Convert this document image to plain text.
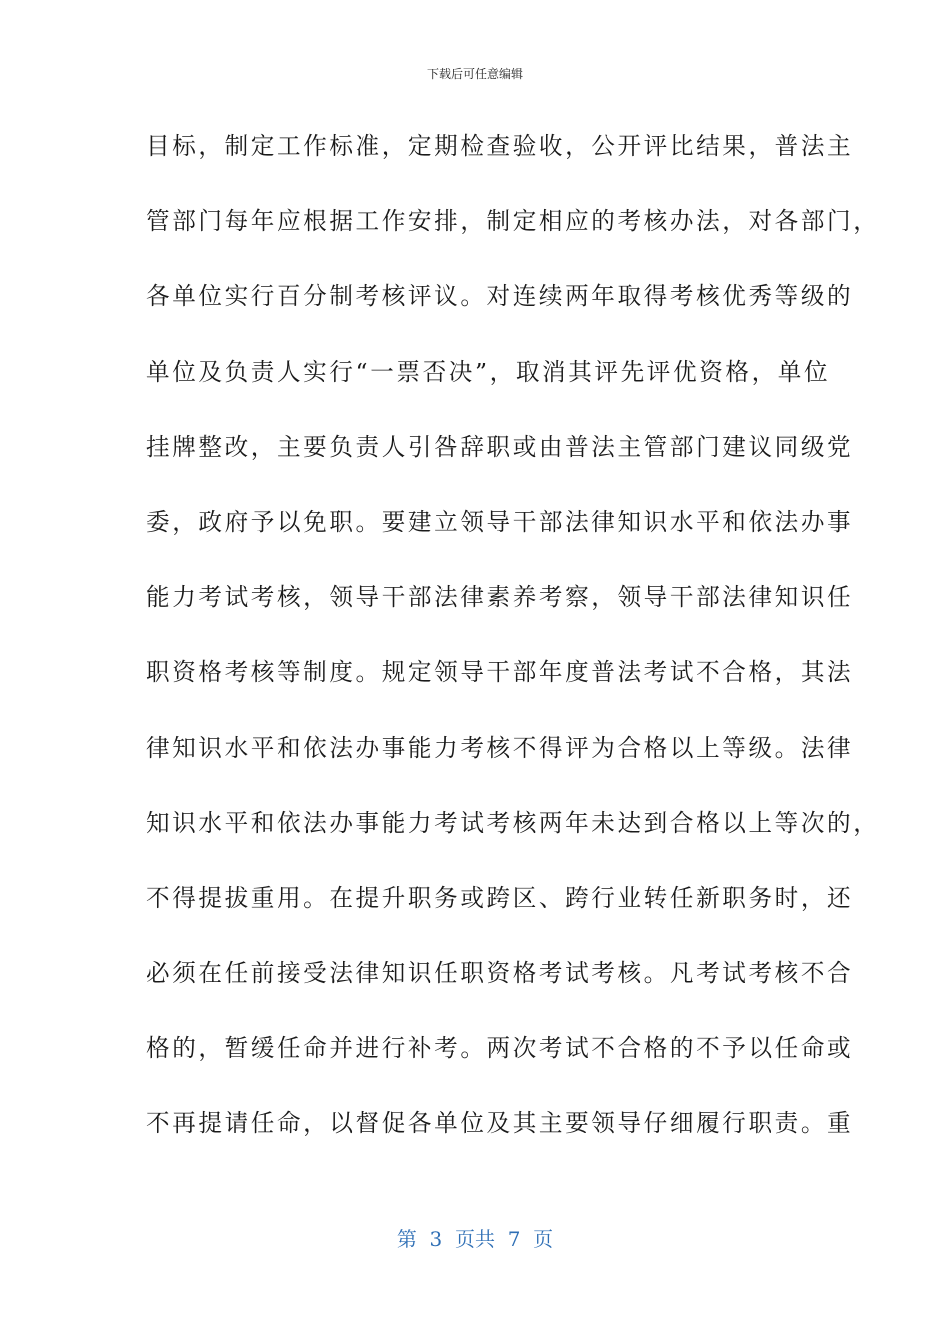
下载后可任意编辑
目标，制定工作标准，定期检查验收，公开评比结果，普法主
管部门每年应根据工作安排，制定相应的考核办法，对各部门，
各单位实行百分制考核评议。对连续两年取得考核优秀等级的
单位及负责人实行“一票否决”，取消其评先评优资格，单位
挂牌整改，主要负责人引咎辞职或由普法主管部门建议同级党
委，政府予以免职。要建立领导干部法律知识水平和依法办事
能力考试考核，领导干部法律素养考察，领导干部法律知识任
职资格考核等制度。规定领导干部年度普法考试不合格，其法
律知识水平和依法办事能力考核不得评为合格以上等级。法律
知识水平和依法办事能力考试考核两年未达到合格以上等次的，
不得提拔重用。在提升职务或跨区、跨行业转任新职务时，还
必须在任前接受法律知识任职资格考试考核。凡考试考核不合
格的，暂缓任命并进行补考。两次考试不合格的不予以任命或
不再提请任命，以督促各单位及其主要领导仔细履行职责。重
第  3  页共  7  页
